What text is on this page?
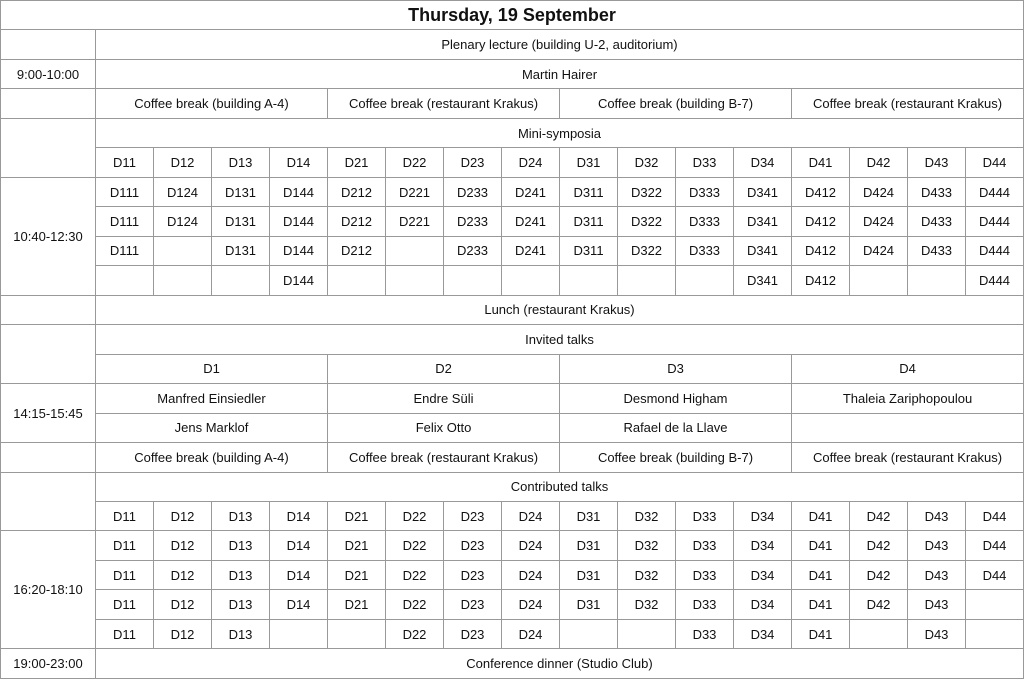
Thursday, 19 September																
	Plenary lecture (building U-2, auditorium)															
9:00-10:00	Martin Hairer															
	Coffee break (building A-4)				Coffee break (restaurant Krakus)				Coffee break (building B-7)				Coffee break (restaurant Krakus)			
	Mini-symposia															
	D11	D12	D13	D14	D21	D22	D23	D24	D31	D32	D33	D34	D41	D42	D43	D44
10:40-12:30	D111	D124	D131	D144	D212	D221	D233	D241	D311	D322	D333	D341	D412	D424	D433	D444
	D111	D124	D131	D144	D212	D221	D233	D241	D311	D322	D333	D341	D412	D424	D433	D444
	D111		D131	D144	D212		D233	D241	D311	D322	D333	D341	D412	D424	D433	D444
				D144								D341	D412			D444
	Lunch (restaurant Krakus)															
	Invited talks															
	D1				D2				D3				D4			
14:15-15:45	Manfred Einsiedler				Endre Süli				Desmond Higham				Thaleia Zariphopoulou			
	Jens Marklof				Felix Otto				Rafael de la Llave							
	Coffee break (building A-4)				Coffee break (restaurant Krakus)				Coffee break (building B-7)				Coffee break (restaurant Krakus)			
	Contributed talks															
	D11	D12	D13	D14	D21	D22	D23	D24	D31	D32	D33	D34	D41	D42	D43	D44
16:20-18:10	D11	D12	D13	D14	D21	D22	D23	D24	D31	D32	D33	D34	D41	D42	D43	D44
	D11	D12	D13	D14	D21	D22	D23	D24	D31	D32	D33	D34	D41	D42	D43	D44
	D11	D12	D13	D14	D21	D22	D23	D24	D31	D32	D33	D34	D41	D42	D43	
	D11	D12	D13			D22	D23	D24			D33	D34	D41		D43	
19:00-23:00	Conference dinner (Studio Club)															
